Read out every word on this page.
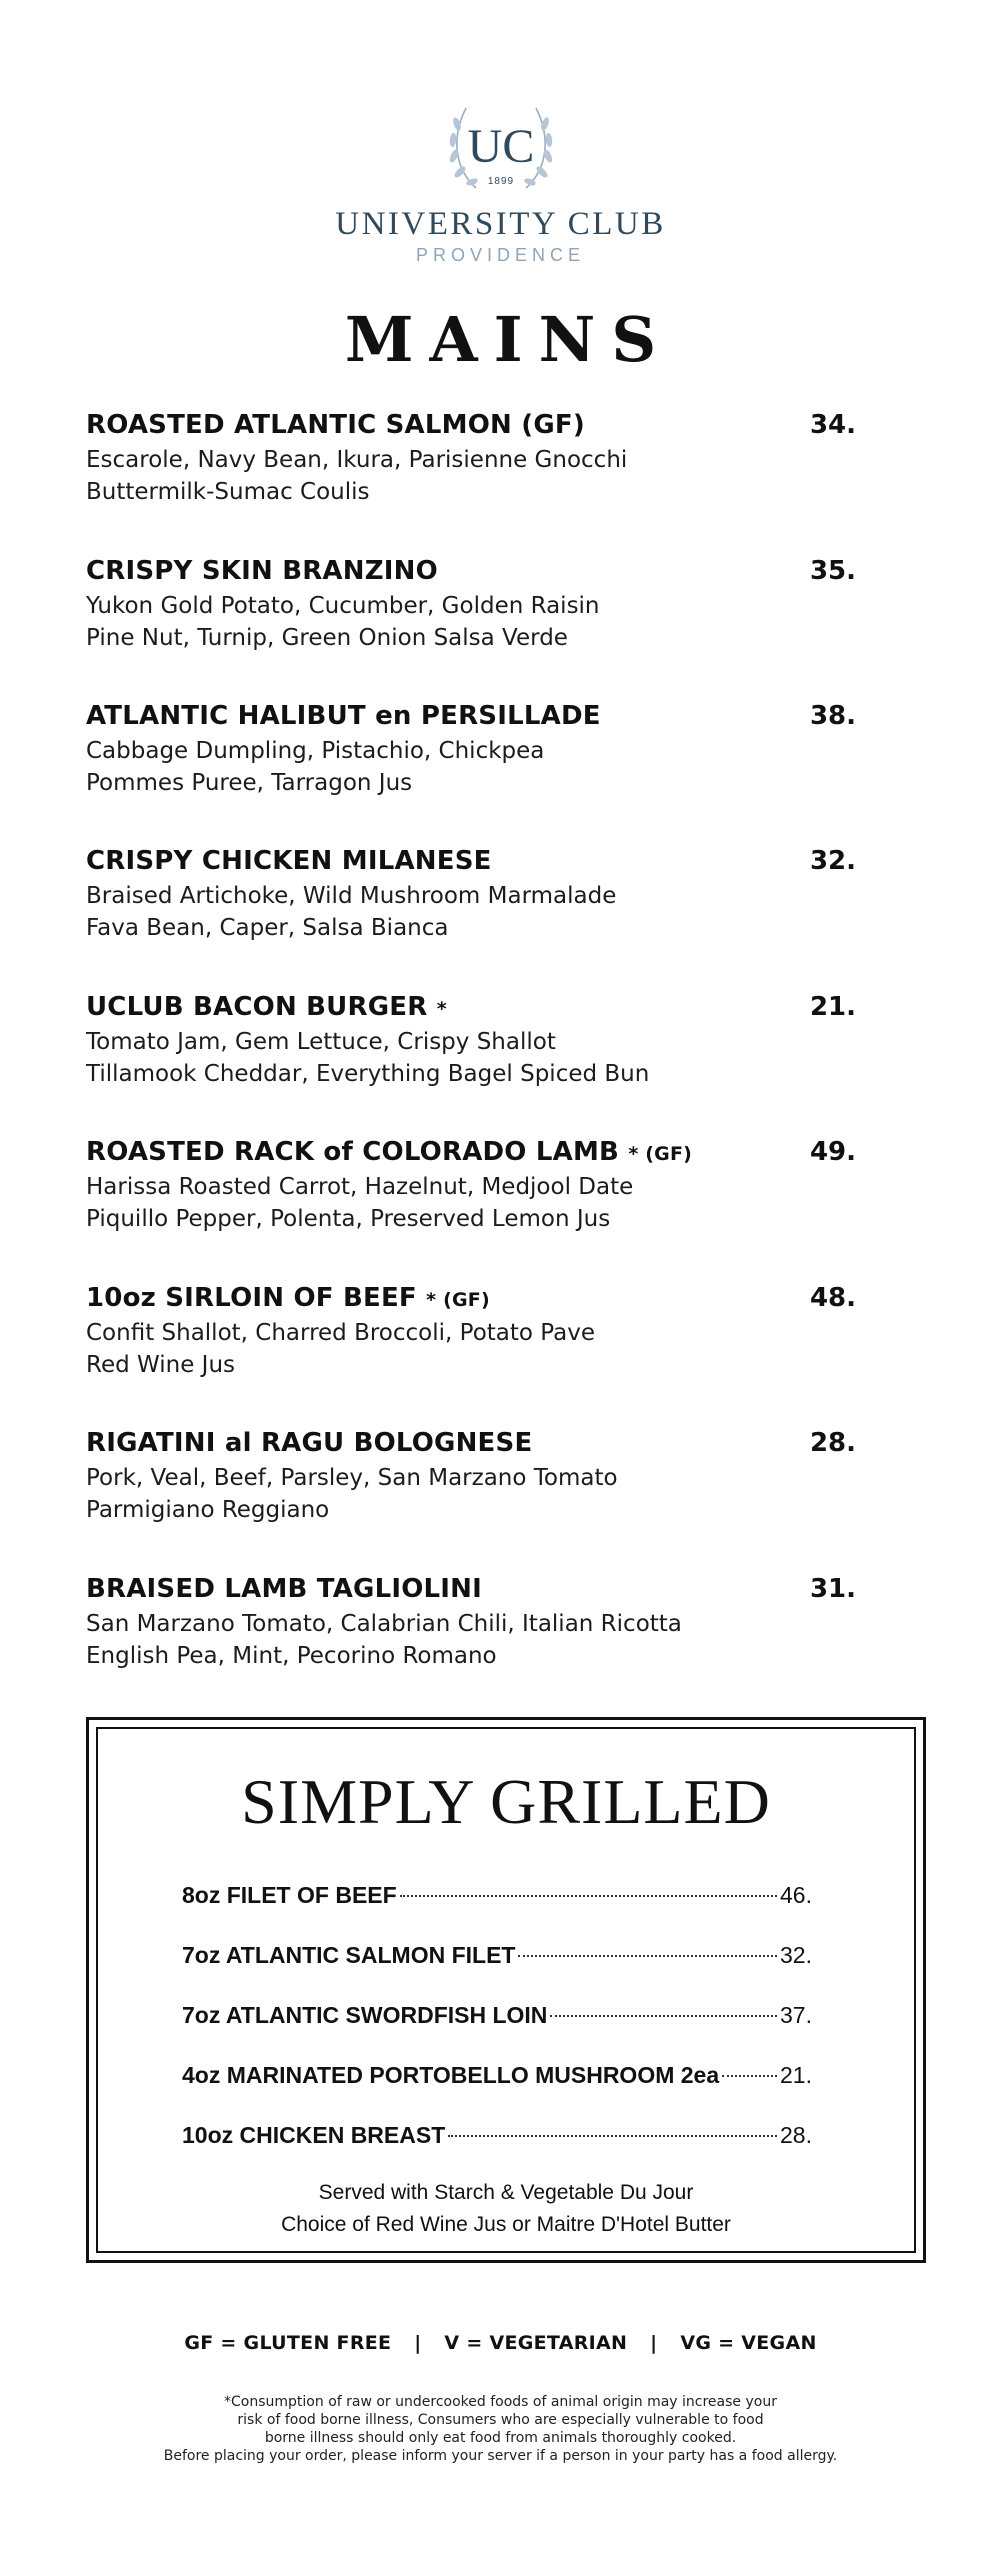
UC
1899
UNIVERSITY CLUB
PROVIDENCE
MAINS
ROASTED ATLANTIC SALMON (GF)	34.
Escarole, Navy Bean, Ikura, Parisienne Gnocchi
Buttermilk-Sumac Coulis
CRISPY SKIN BRANZINO	35.
Yukon Gold Potato, Cucumber, Golden Raisin
Pine Nut, Turnip, Green Onion Salsa Verde
ATLANTIC HALIBUT en PERSILLADE	38.
Cabbage Dumpling, Pistachio, Chickpea
Pommes Puree, Tarragon Jus
CRISPY CHICKEN MILANESE	32.
Braised Artichoke, Wild Mushroom Marmalade
Fava Bean, Caper, Salsa Bianca
UCLUB BACON BURGER *	21.
Tomato Jam, Gem Lettuce, Crispy Shallot
Tillamook Cheddar, Everything Bagel Spiced Bun
ROASTED RACK of COLORADO LAMB * (GF)	49.
Harissa Roasted Carrot, Hazelnut, Medjool Date
Piquillo Pepper, Polenta, Preserved Lemon Jus
10oz SIRLOIN OF BEEF * (GF)	48.
Confit Shallot, Charred Broccoli, Potato Pave
Red Wine Jus
RIGATINI al RAGU BOLOGNESE	28.
Pork, Veal, Beef, Parsley, San Marzano Tomato
Parmigiano Reggiano
BRAISED LAMB TAGLIOLINI	31.
San Marzano Tomato, Calabrian Chili, Italian Ricotta
English Pea, Mint, Pecorino Romano
SIMPLY GRILLED
8oz FILET OF BEEF	46.
7oz ATLANTIC SALMON FILET	32.
7oz ATLANTIC SWORDFISH LOIN	37.
4oz MARINATED PORTOBELLO MUSHROOM 2ea	21.
10oz CHICKEN BREAST	28.
Served with Starch & Vegetable Du Jour
Choice of Red Wine Jus or Maitre D'Hotel Butter
GF = GLUTEN FREE | V = VEGETARIAN | VG = VEGAN
*Consumption of raw or undercooked foods of animal origin may increase your
risk of food borne illness, Consumers who are especially vulnerable to food
borne illness should only eat food from animals thoroughly cooked.
Before placing your order, please inform your server if a person in your party has a food allergy.
